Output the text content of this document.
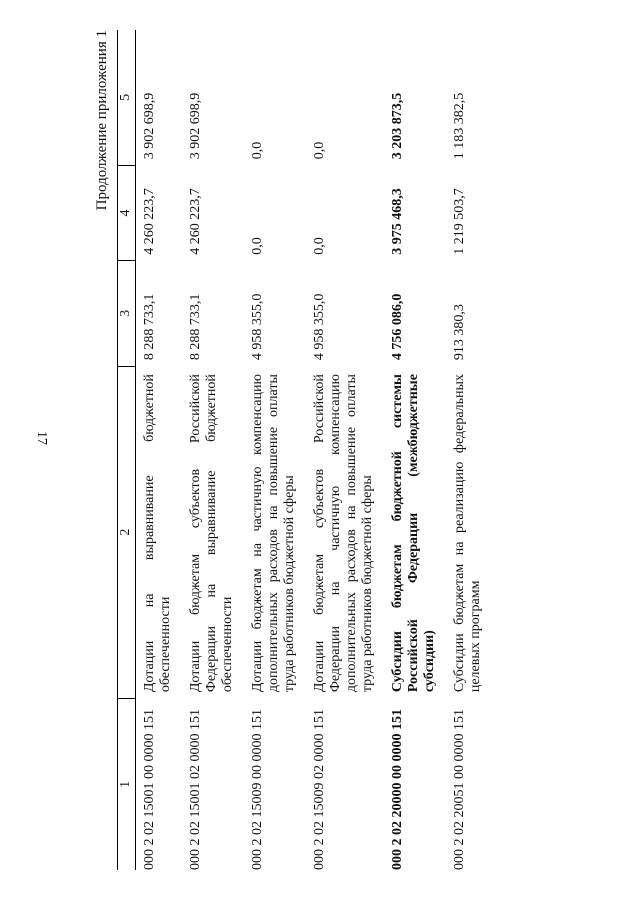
17
Продолжение приложения 1
1	2	3	4	5
000 2 02 15001 00 0000 151	Дотации на выравнивание бюджетной обеспеченности	8 288 733,1	4 260 223,7	3 902 698,9
000 2 02 15001 02 0000 151	Дотации бюджетам субъектов Российской Федерации на выравнивание бюджетной обеспеченности	8 288 733,1	4 260 223,7	3 902 698,9
000 2 02 15009 00 0000 151	Дотации бюджетам на частичную компенсацию дополнительных расходов на повышение оплаты труда работников бюджетной сферы	4 958 355,0	0,0	0,0
000 2 02 15009 02 0000 151	Дотации бюджетам субъектов Российской Федерации на частичную компенсацию дополнительных расходов на повышение оплаты труда работников бюджетной сферы	4 958 355,0	0,0	0,0
000 2 02 20000 00 0000 151	Субсидии бюджетам бюджетной системы Российской Федерации (межбюджетные субсидии)	4 756 086,0	3 975 468,3	3 203 873,5
000 2 02 20051 00 0000 151	Субсидии бюджетам на реализацию федеральных целевых программ	913 380,3	1 219 503,7	1 183 382,5
